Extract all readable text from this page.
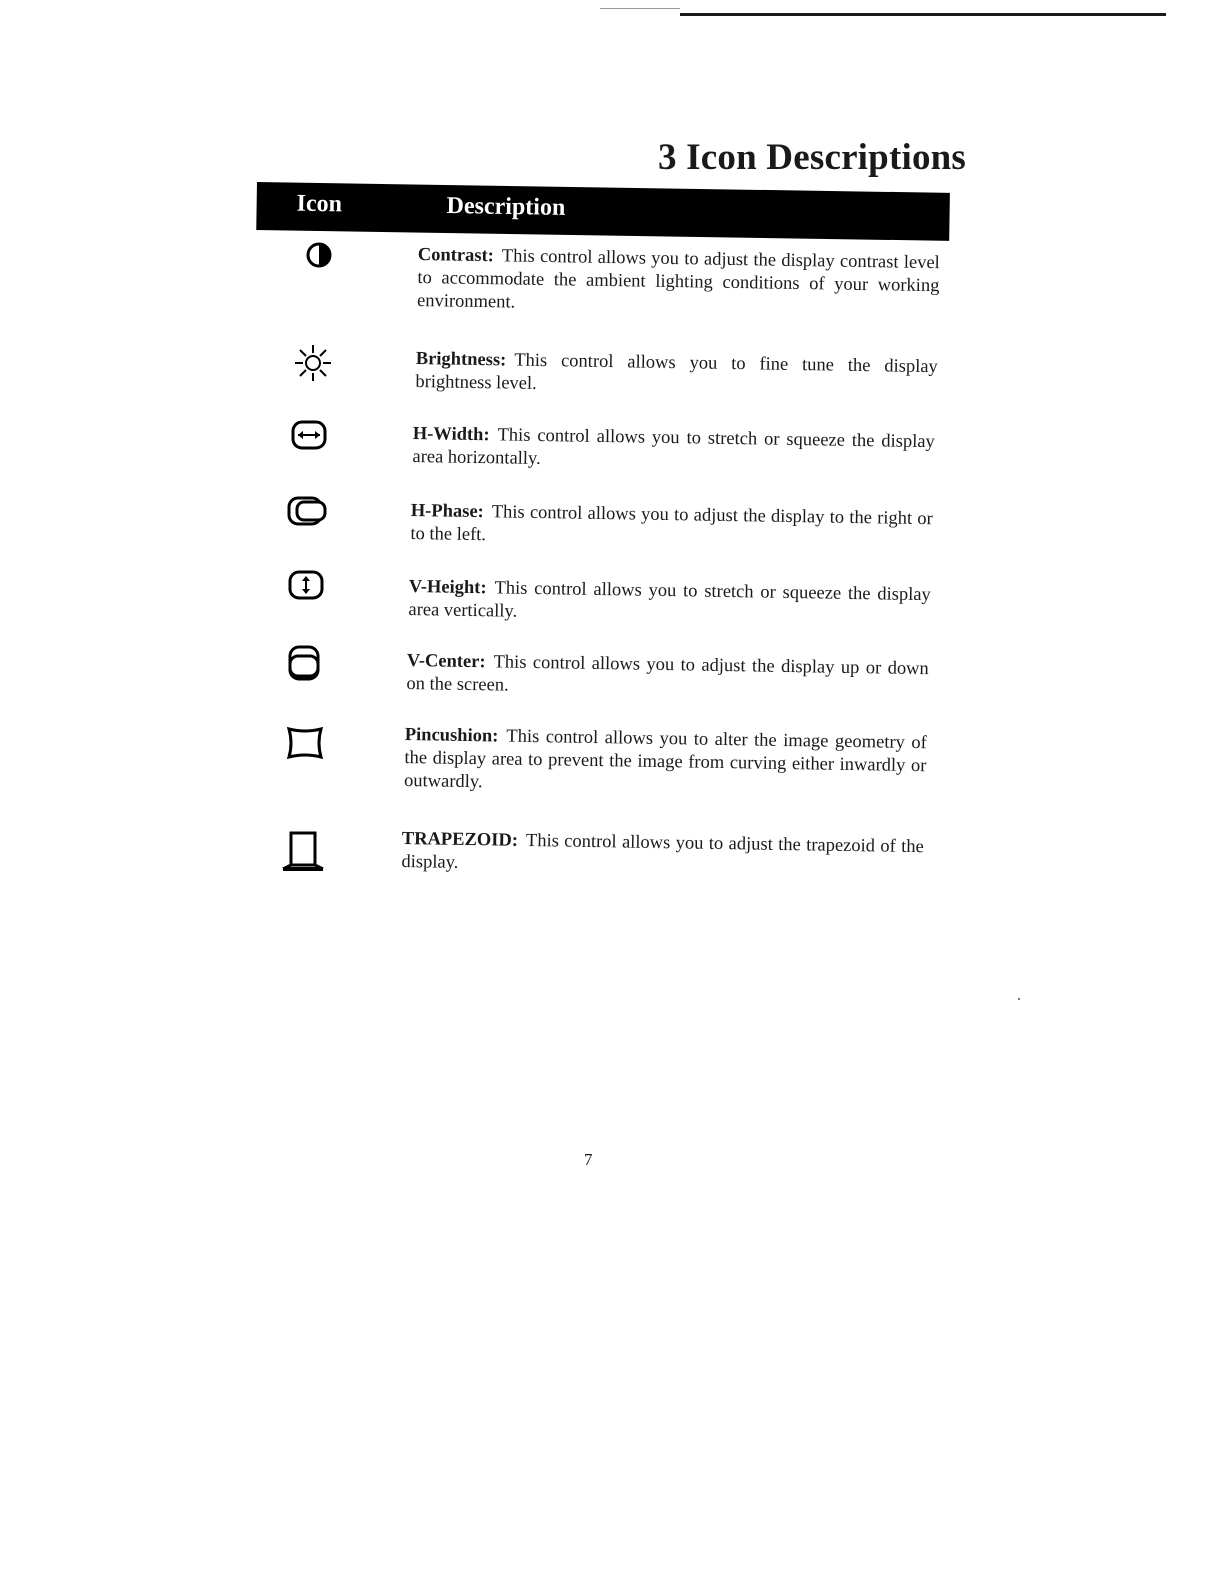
3 Icon Descriptions
Icon	Description
Contrast: This control allows you to adjust the display contrast level to accommodate the ambient lighting conditions of your working environment.
Brightness: This control allows you to fine tune the display brightness level.
H-Width: This control allows you to stretch or squeeze the display area horizontally.
H-Phase: This control allows you to adjust the display to the right or to the left.
V-Height: This control allows you to stretch or squeeze the display area vertically.
V-Center: This control allows you to adjust the display up or down on the screen.
Pincushion: This control allows you to alter the image geometry of the display area to prevent the image from curving either inwardly or outwardly.
TRAPEZOID: This control allows you to adjust the trapezoid of the display.
7
